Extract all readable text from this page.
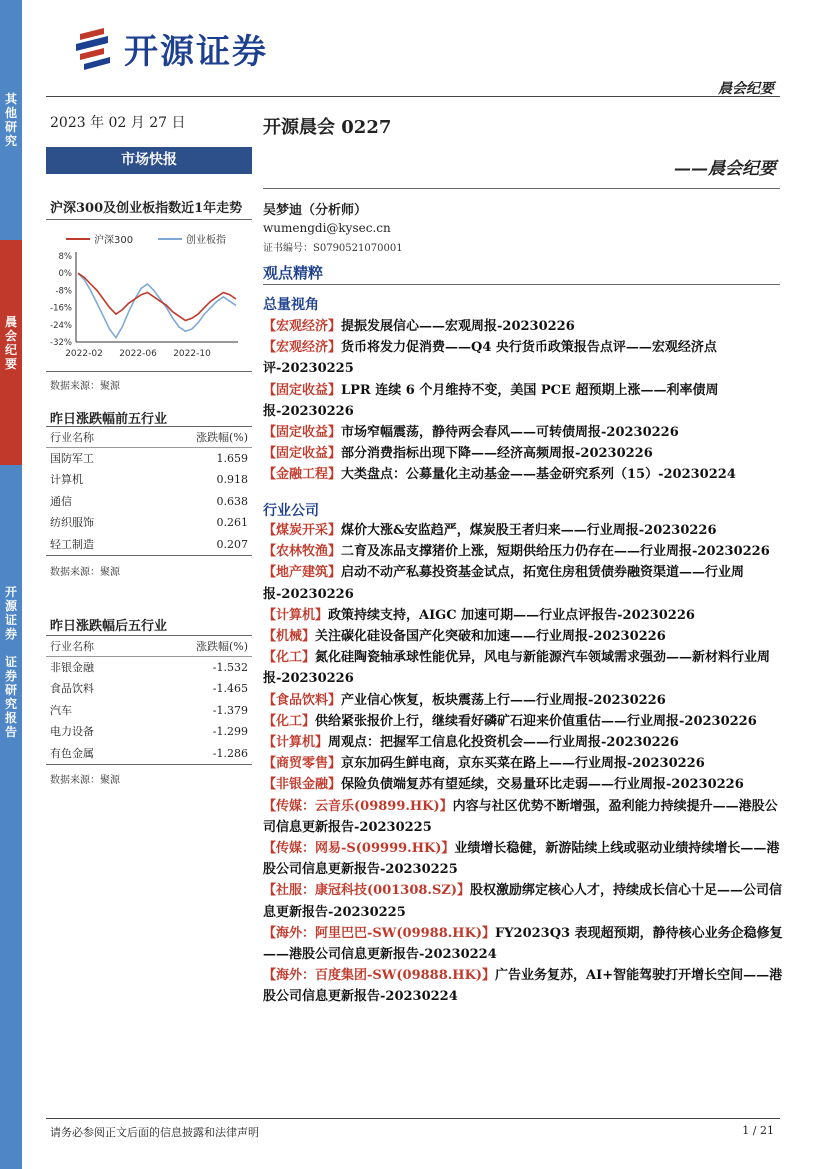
其
他
研
究
晨
会
纪
要
开
源
证
券

证
券
研
究
报
告
开源证券
晨会纪要
2023 年 02 月 27 日
市场快报
沪深300及创业板指数近1年走势
沪深300	创业板指
8%
0%
-8%
-16%
-24%
-32%
2022-02 2022-06 2022-10
数据来源：聚源
昨日涨跌幅前五行业
行业名称	涨跌幅(%)
国防军工	1.659
计算机	0.918
通信	0.638
纺织服饰	0.261
轻工制造	0.207
数据来源：聚源
昨日涨跌幅后五行业
行业名称	涨跌幅(%)
非银金融	-1.532
食品饮料	-1.465
汽车	-1.379
电力设备	-1.299
有色金属	-1.286
数据来源：聚源
开源晨会 0227
——晨会纪要
吴梦迪（分析师）
wumengdi@kysec.cn
证书编号：S0790521070001
观点精粹
总量视角
【宏观经济】提振发展信心——宏观周报-20230226
【宏观经济】货币将发力促消费——Q4 央行货币政策报告点评——宏观经济点评-20230225
【固定收益】LPR 连续 6 个月维持不变，美国 PCE 超预期上涨——利率债周报-20230226
【固定收益】市场窄幅震荡，静待两会春风——可转债周报-20230226
【固定收益】部分消费指标出现下降——经济高频周报-20230226
【金融工程】大类盘点：公募量化主动基金——基金研究系列（15）-20230224
行业公司
【煤炭开采】煤价大涨&安监趋严，煤炭股王者归来——行业周报-20230226
【农林牧渔】二育及冻品支撑猪价上涨，短期供给压力仍存在——行业周报-20230226
【地产建筑】启动不动产私募投资基金试点，拓宽住房租赁债券融资渠道——行业周报-20230226
【计算机】政策持续支持，AIGC 加速可期——行业点评报告-20230226
【机械】关注碳化硅设备国产化突破和加速——行业周报-20230226
【化工】氮化硅陶瓷轴承球性能优异，风电与新能源汽车领域需求强劲——新材料行业周报-20230226
【食品饮料】产业信心恢复，板块震荡上行——行业周报-20230226
【化工】供给紧张报价上行，继续看好磷矿石迎来价值重估——行业周报-20230226
【计算机】周观点：把握军工信息化投资机会——行业周报-20230226
【商贸零售】京东加码生鲜电商，京东买菜在路上——行业周报-20230226
【非银金融】保险负债端复苏有望延续，交易量环比走弱——行业周报-20230226
【传媒：云音乐(09899.HK)】内容与社区优势不断增强，盈利能力持续提升——港股公司信息更新报告-20230225
【传媒：网易-S(09999.HK)】业绩增长稳健，新游陆续上线或驱动业绩持续增长——港股公司信息更新报告-20230225
【社服：康冠科技(001308.SZ)】股权激励绑定核心人才，持续成长信心十足——公司信息更新报告-20230225
【海外：阿里巴巴-SW(09988.HK)】FY2023Q3 表现超预期，静待核心业务企稳修复——港股公司信息更新报告-20230224
【海外：百度集团-SW(09888.HK)】广告业务复苏，AI+智能驾驶打开增长空间——港股公司信息更新报告-20230224
请务必参阅正文后面的信息披露和法律声明	1 / 21
